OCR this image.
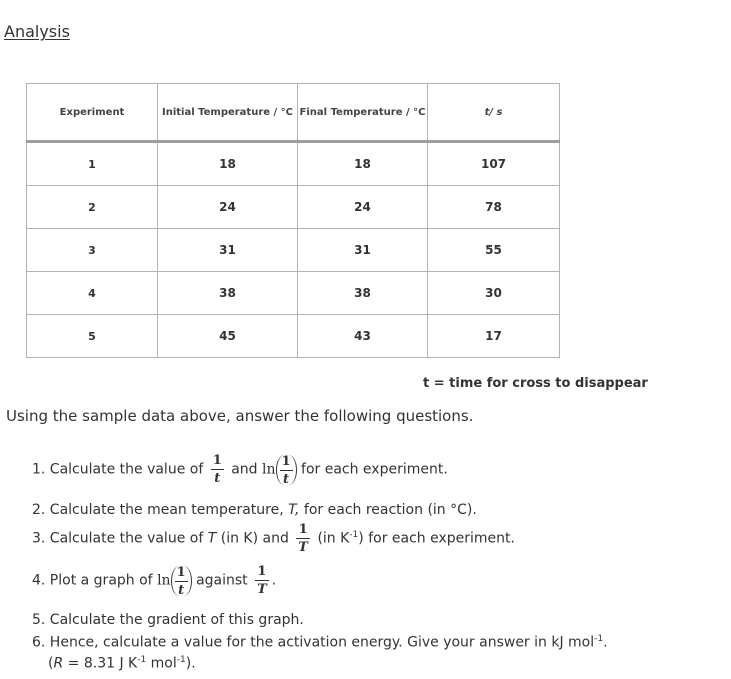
Analysis
Experiment	Initial Temperature / °C	Final Temperature / °C	t/ s
1	18	18	107
2	24	24	78
3	31	31	55
4	38	38	30
5	45	43	17
t = time for cross to disappear
Using the sample data above, answer the following questions.
1. Calculate the value of $\frac{1}{t}$ and $\ln \frac{1}{t}$ for each experiment.
2. Calculate the mean temperature, T, for each reaction (in °C).
3. Calculate the value of T (in K) and $\frac{1}{T} (in$ $K^{-1}$) for each experiment.
4. Plot a graph of $\ln \frac{1}{t}$ against $\frac{1}{T}$ .
5. Calculate the gradient of this graph.
6. Hence, calculate a value for the activation energy. Give your answer in kJ mol$^{-1}$.
(R = 8.31 J $K^{-1}$ mol$^{-1}$).
